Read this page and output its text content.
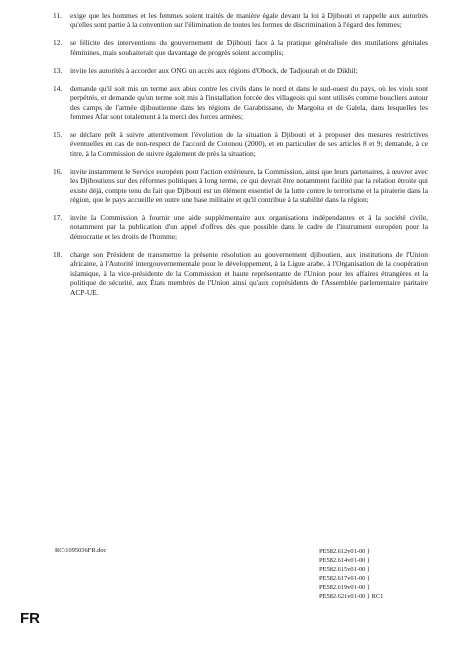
11.	exige que les hommes et les femmes soient traités de manière égale devant la loi à Djibouti et rappelle aux autorités qu'elles sont partie à la convention sur l'élimination de toutes les formes de discrimination à l'égard des femmes;
12.	se félicite des interventions du gouvernement de Djibouti face à la pratique généralisée des mutilations génitales féminines, mais souhaiterait que davantage de progrès soient accomplis;
13.	invite les autorités à accorder aux ONG un accès aux régions d'Obock, de Tadjourah et de Dikhil;
14.	demande qu'il soit mis un terme aux abus contre les civils dans le nord et dans le sud-ouest du pays, où les viols sont perpétrés, et demande qu'un terme soit mis à l'installation forcée des villageois qui sont utilisés comme boucliers autour des camps de l'armée djiboutienne dans les régions de Garabtissane, de Margoita et de Galela, dans lesquelles les femmes Afar sont totalement à la merci des forces armées;
15.	se déclare prêt à suivre attentivement l'évolution de la situation à Djibouti et à proposer des mesures restrictives éventuelles en cas de non-respect de l'accord de Cotonou (2000), et en particulier de ses articles 8 et 9; demande, à ce titre, à la Commission de suivre également de près la situation;
16.	invite instamment le Service européen pour l'action extérieure, la Commission, ainsi que leurs partenaires, à œuvrer avec les Djiboutiens sur des réformes politiques à long terme, ce qui devrait être notamment facilité par la relation étroite qui existe déjà, compte tenu du fait que Djibouti est un élément essentiel de la lutte contre le terrorisme et la piraterie dans la région, que le pays accueille en outre une base militaire et qu'il contribue à la stabilité dans la région;
17.	invite la Commission à fournir une aide supplémentaire aux organisations indépendantes et à la société civile, notamment par la publication d'un appel d'offres dès que possible dans le cadre de l'instrument européen pour la démocratie et les droits de l'homme;
18.	charge son Président de transmettre la présente résolution au gouvernement djiboutien, aux institutions de l'Union africaine, à l'Autorité intergouvernementale pour le développement, à la Ligue arabe, à l'Organisation de la coopération islamique, à la vice-présidente de la Commission et haute représentante de l'Union pour les affaires étrangères et la politique de sécurité, aux États membres de l'Union ainsi qu'aux coprésidents de l'Assemblée parlementaire paritaire ACP-UE.
RC\1095036FR.doc	PE582.612v01-00 }
PE582.614v01-00 }
PE582.615v01-00 }
PE582.617v01-00 }
PE582.619v01-00 }
PE582.621v01-00 } RC1
FR
